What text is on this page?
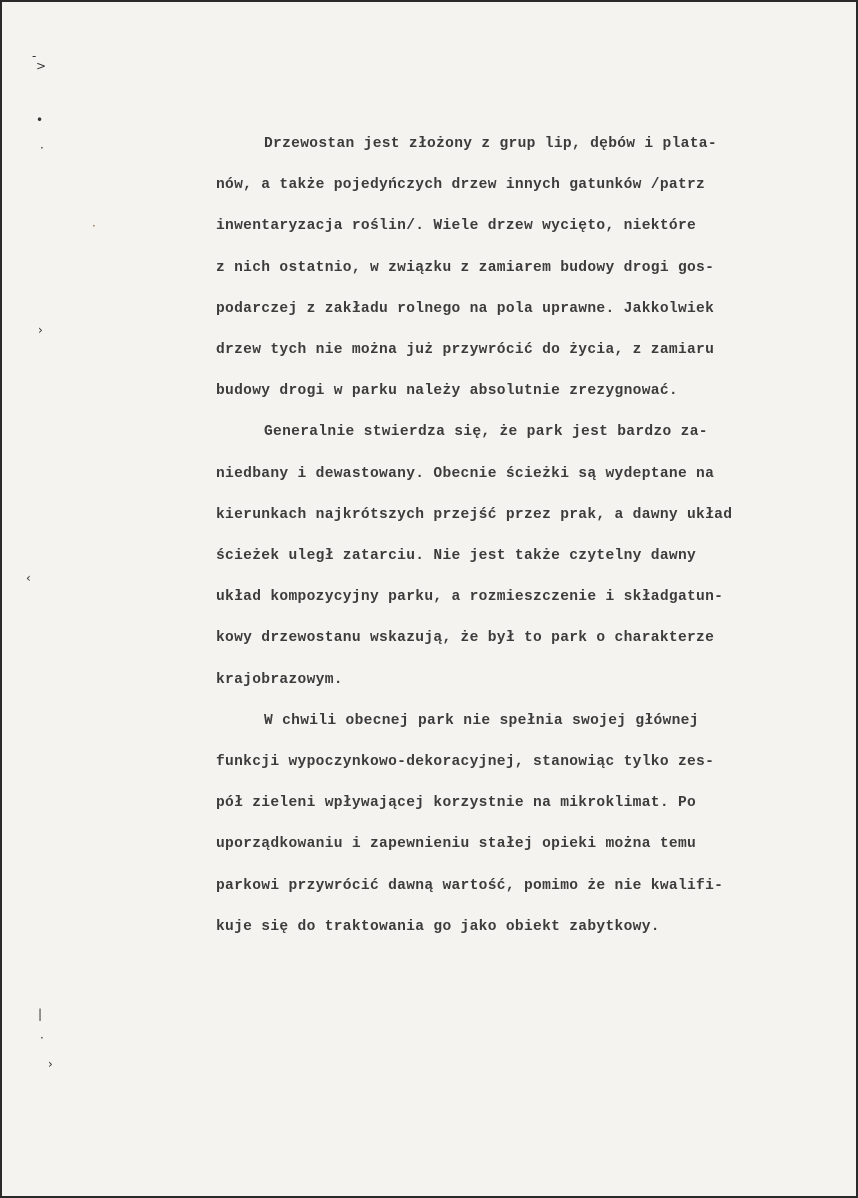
-
>
•
·
·
›
‹
|
·
›
Drzewostan jest złożony z grup lip, dębów i plata-
nów, a także pojedyńczych drzew innych gatunków /patrz
inwentaryzacja roślin/. Wiele drzew wycięto, niektóre
z nich ostatnio, w związku z zamiarem budowy drogi gos-
podarczej z zakładu rolnego na pola uprawne. Jakkolwiek
drzew tych nie można już przywrócić do życia, z zamiaru
budowy drogi w parku należy absolutnie zrezygnować.
Generalnie stwierdza się, że park jest bardzo za-
niedbany i dewastowany. Obecnie ścieżki są wydeptane na
kierunkach najkrótszych przejść przez prak, a dawny układ
ścieżek uległ zatarciu. Nie jest także czytelny dawny
układ kompozycyjny parku, a rozmieszczenie i składgatun-
kowy drzewostanu wskazują, że był to park o charakterze
krajobrazowym.
W chwili obecnej park nie spełnia swojej głównej
funkcji wypoczynkowo-dekoracyjnej, stanowiąc tylko zes-
pół zieleni wpływającej korzystnie na mikroklimat. Po
uporządkowaniu i zapewnieniu stałej opieki można temu
parkowi przywrócić dawną wartość, pomimo że nie kwalifi-
kuje się do traktowania go jako obiekt zabytkowy.
